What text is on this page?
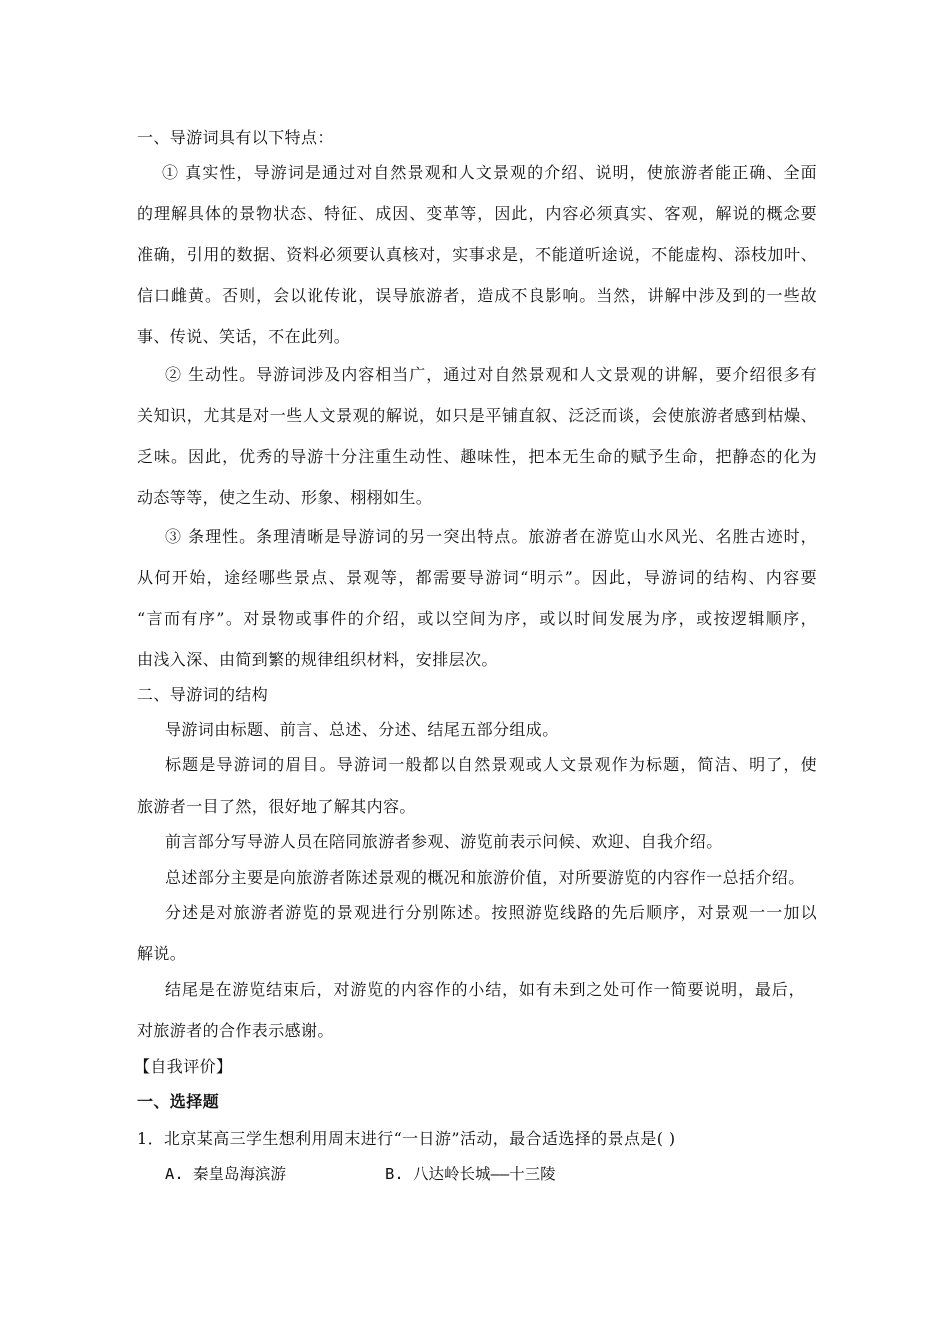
一、导游词具有以下特点：
① 真实性，导游词是通过对自然景观和人文景观的介绍、说明，使旅游者能正确、全面
的理解具体的景物状态、特征、成因、变革等，因此，内容必须真实、客观，解说的概念要
准确，引用的数据、资料必须要认真核对，实事求是，不能道听途说，不能虚构、添枝加叶、
信口雌黄。否则，会以讹传讹，误导旅游者，造成不良影响。当然，讲解中涉及到的一些故
事、传说、笑话，不在此列。
② 生动性。导游词涉及内容相当广，通过对自然景观和人文景观的讲解，要介绍很多有
关知识，尤其是对一些人文景观的解说，如只是平铺直叙、泛泛而谈，会使旅游者感到枯燥、
乏味。因此，优秀的导游十分注重生动性、趣味性，把本无生命的赋予生命，把静态的化为
动态等等，使之生动、形象、栩栩如生。
③ 条理性。条理清晰是导游词的另一突出特点。旅游者在游览山水风光、名胜古迹时，
从何开始，途经哪些景点、景观等，都需要导游词“明示”。因此，导游词的结构、内容要
“言而有序”。对景物或事件的介绍，或以空间为序，或以时间发展为序，或按逻辑顺序，
由浅入深、由简到繁的规律组织材料，安排层次。
二、导游词的结构
导游词由标题、前言、总述、分述、结尾五部分组成。
标题是导游词的眉目。导游词一般都以自然景观或人文景观作为标题，简洁、明了，使
旅游者一目了然，很好地了解其内容。
前言部分写导游人员在陪同旅游者参观、游览前表示问候、欢迎、自我介绍。
总述部分主要是向旅游者陈述景观的概况和旅游价值，对所要游览的内容作一总括介绍。
分述是对旅游者游览的景观进行分别陈述。按照游览线路的先后顺序，对景观一一加以
解说。
结尾是在游览结束后，对游览的内容作的小结，如有未到之处可作一简要说明，最后，
对旅游者的合作表示感谢。
【自我评价】
一、选择题
1．北京某高三学生想利用周末进行“一日游”活动，最合适选择的景点是( )
A. 秦皇岛海滨游	B. 八达岭长城——十三陵
